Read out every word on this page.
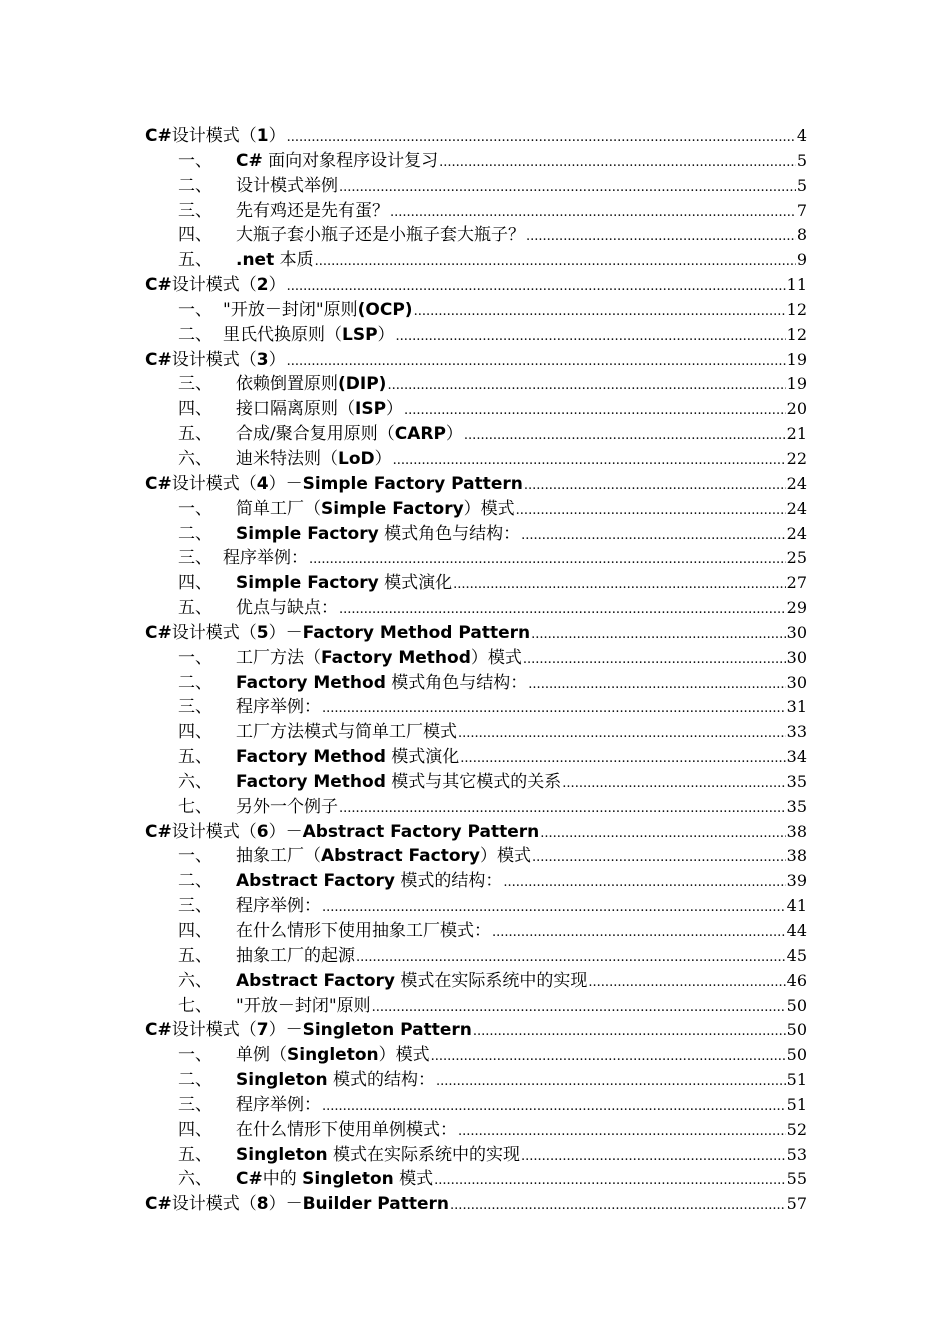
C#设计模式（1） .....	4
一、	C# 面向对象程序设计复习 .....	5
二、	设计模式举例 .....	5
三、	先有鸡还是先有蛋？ .....	7
四、	大瓶子套小瓶子还是小瓶子套大瓶子？ .....	8
五、	.net 本质 .....	9
C#设计模式（2） .....	11
一、 "开放－封闭"原则(OCP) .....	12
二、 里氏代换原则（LSP） .....	12
C#设计模式（3） .....	19
三、	依赖倒置原则(DIP) .....	19
四、	接口隔离原则（ISP） .....	20
五、	合成/聚合复用原则（CARP） .....	21
六、	迪米特法则（LoD） .....	22
C#设计模式（4）－Simple Factory Pattern .....	24
一、	简单工厂（Simple Factory）模式 .....	24
二、	Simple Factory 模式角色与结构： .....	24
三、 程序举例： .....	25
四、	Simple Factory 模式演化 .....	27
五、	优点与缺点： .....	29
C#设计模式（5）－Factory Method Pattern .....	30
一、	工厂方法（Factory Method）模式 .....	30
二、	Factory Method 模式角色与结构： .....	30
三、	程序举例： .....	31
四、	工厂方法模式与简单工厂模式 .....	33
五、	Factory Method 模式演化 .....	34
六、	Factory Method 模式与其它模式的关系 .....	35
七、	另外一个例子 .....	35
C#设计模式（6）－Abstract Factory Pattern .....	38
一、	抽象工厂（Abstract Factory）模式 .....	38
二、	Abstract Factory 模式的结构： .....	39
三、	程序举例： .....	41
四、	在什么情形下使用抽象工厂模式： .....	44
五、	抽象工厂的起源 .....	45
六、	Abstract Factory 模式在实际系统中的实现 .....	46
七、	"开放－封闭"原则 .....	50
C#设计模式（7）－Singleton Pattern .....	50
一、	单例（Singleton）模式 .....	50
二、	Singleton 模式的结构： .....	51
三、	程序举例： .....	51
四、	在什么情形下使用单例模式： .....	52
五、	Singleton 模式在实际系统中的实现 .....	53
六、	C#中的 Singleton 模式 .....	55
C#设计模式（8）－Builder Pattern .....	57
